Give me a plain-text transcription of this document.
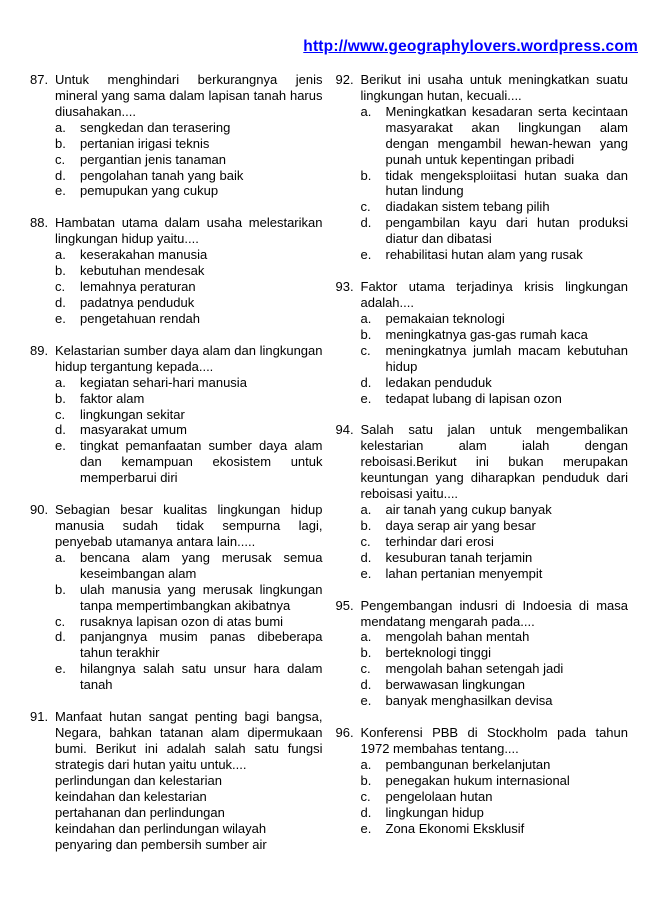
http://www.geographylovers.wordpress.com
87. Untuk menghindari berkurangnya jenis mineral yang sama dalam lapisan tanah harus diusahakan....
a.	sengkedan dan terasering
b.	pertanian irigasi teknis
c.	pergantian jenis tanaman
d.	pengolahan tanah yang baik
e.	pemupukan yang cukup
88. Hambatan utama dalam usaha melestarikan lingkungan hidup yaitu....
a.	keserakahan manusia
b.	kebutuhan mendesak
c.	lemahnya peraturan
d.	padatnya penduduk
e.	pengetahuan rendah
89. Kelastarian sumber daya alam dan lingkungan hidup tergantung kepada....
a.	kegiatan sehari-hari manusia
b.	faktor alam
c.	lingkungan sekitar
d.	masyarakat umum
e.	tingkat pemanfaatan sumber daya alam dan kemampuan ekosistem untuk memperbarui diri
90. Sebagian besar kualitas lingkungan hidup manusia sudah tidak sempurna lagi, penyebab utamanya antara lain.....
a.	bencana alam yang merusak semua keseimbangan alam
b.	ulah manusia yang merusak lingkungan tanpa mempertimbangkan akibatnya
c.	rusaknya lapisan ozon di atas bumi
d.	panjangnya musim panas dibeberapa tahun terakhir
e.	hilangnya salah satu unsur hara dalam tanah
91. Manfaat hutan sangat penting bagi bangsa, Negara, bahkan tatanan alam dipermukaan bumi. Berikut ini adalah salah satu fungsi strategis dari hutan yaitu untuk....
perlindungan dan kelestarian
keindahan dan kelestarian
pertahanan dan perlindungan
keindahan dan perlindungan wilayah
penyaring dan pembersih sumber air
92. Berikut ini usaha untuk meningkatkan suatu lingkungan hutan, kecuali....
a.	Meningkatkan kesadaran serta kecintaan masyarakat akan lingkungan alam dengan mengambil hewan-hewan yang punah untuk kepentingan pribadi
b.	tidak mengeksploiitasi hutan suaka dan hutan lindung
c.	diadakan sistem tebang pilih
d.	pengambilan kayu dari hutan produksi diatur dan dibatasi
e.	rehabilitasi hutan alam yang rusak
93. Faktor utama terjadinya krisis lingkungan adalah....
a.	pemakaian teknologi
b.	meningkatnya gas-gas rumah kaca
c.	meningkatnya jumlah macam kebutuhan hidup
d.	ledakan penduduk
e.	tedapat lubang di lapisan ozon
94. Salah satu jalan untuk mengembalikan kelestarian alam ialah dengan reboisasi.Berikut ini bukan merupakan keuntungan yang diharapkan penduduk dari reboisasi yaitu....
a.	air tanah yang cukup banyak
b.	daya serap air yang besar
c.	terhindar dari erosi
d.	kesuburan tanah terjamin
e.	lahan pertanian menyempit
95. Pengembangan indusri di Indoesia di masa mendatang mengarah pada....
a.	mengolah bahan mentah
b.	berteknologi tinggi
c.	mengolah bahan setengah jadi
d.	berwawasan lingkungan
e.	banyak menghasilkan devisa
96. Konferensi PBB di Stockholm pada tahun 1972 membahas tentang....
a.	pembangunan berkelanjutan
b.	penegakan hukum internasional
c.	pengelolaan hutan
d.	lingkungan hidup
e.	Zona Ekonomi Eksklusif
